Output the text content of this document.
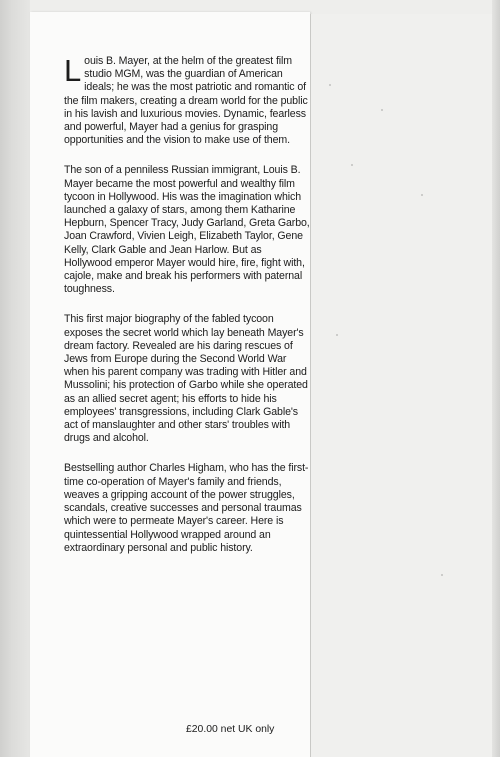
Louis B. Mayer, at the helm of the greatest film studio MGM, was the guardian of American ideals; he was the most patriotic and romantic of the film makers, creating a dream world for the public in his lavish and luxurious movies. Dynamic, fearless and powerful, Mayer had a genius for grasping opportunities and the vision to make use of them.

The son of a penniless Russian immigrant, Louis B. Mayer became the most powerful and wealthy film tycoon in Hollywood. His was the imagination which launched a galaxy of stars, among them Katharine Hepburn, Spencer Tracy, Judy Garland, Greta Garbo, Joan Crawford, Vivien Leigh, Elizabeth Taylor, Gene Kelly, Clark Gable and Jean Harlow. But as Hollywood emperor Mayer would hire, fire, fight with, cajole, make and break his performers with paternal toughness.

This first major biography of the fabled tycoon exposes the secret world which lay beneath Mayer's dream factory. Revealed are his daring rescues of Jews from Europe during the Second World War when his parent company was trading with Hitler and Mussolini; his protection of Garbo while she operated as an allied secret agent; his efforts to hide his employees' transgressions, including Clark Gable's act of manslaughter and other stars' troubles with drugs and alcohol.

Bestselling author Charles Higham, who has the first-time co-operation of Mayer's family and friends, weaves a gripping account of the power struggles, scandals, creative successes and personal traumas which were to permeate Mayer's career. Here is quintessential Hollywood wrapped around an extraordinary personal and public history.

£20.00 net UK only
